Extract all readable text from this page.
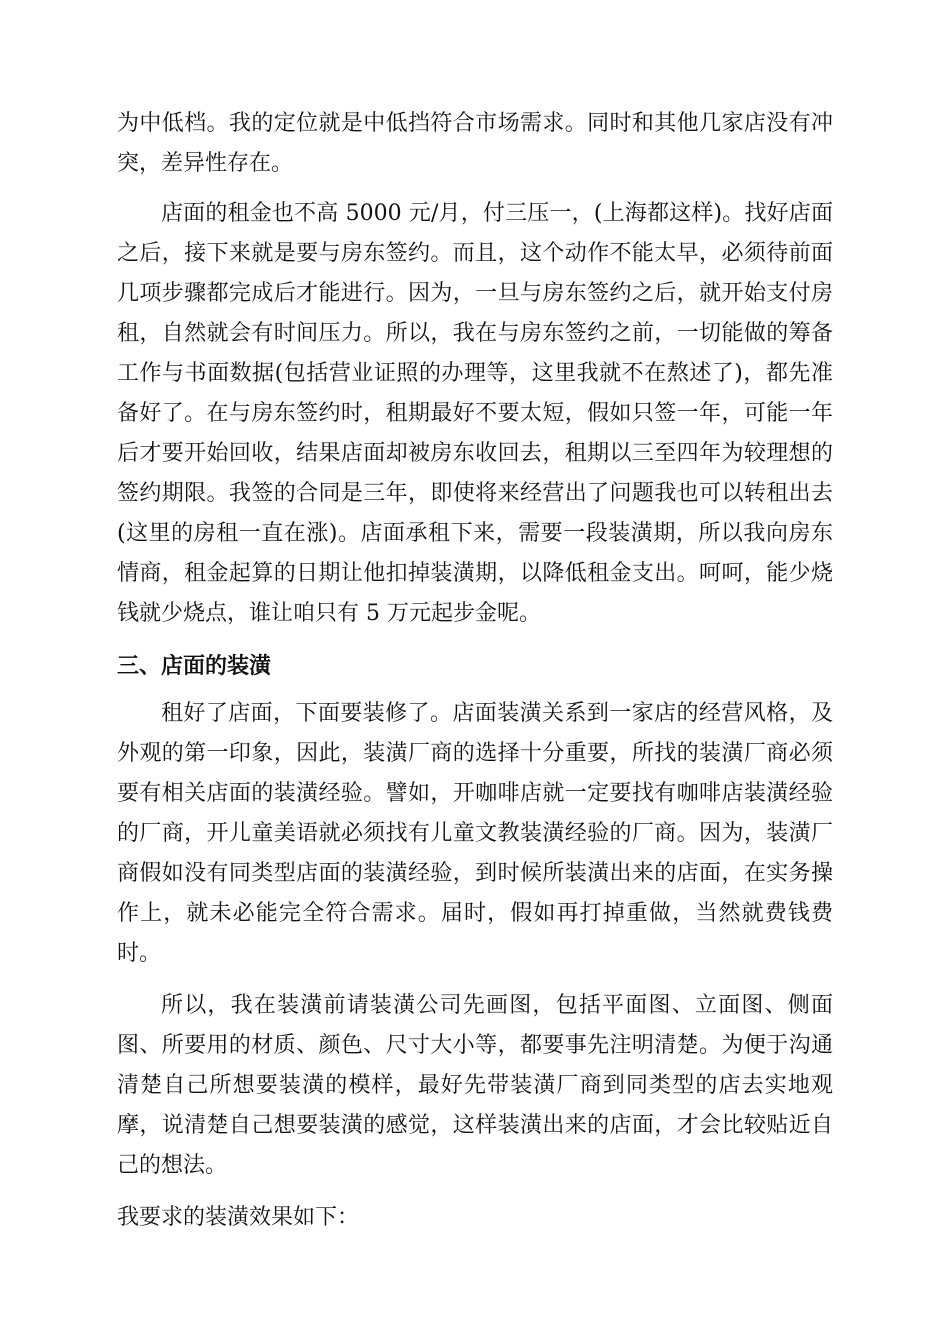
为中低档。我的定位就是中低挡符合市场需求。同时和其他几家店没有冲突，差异性存在。

店面的租金也不高 5000 元/月，付三压一，(上海都这样)。找好店面之后，接下来就是要与房东签约。而且，这个动作不能太早，必须待前面几项步骤都完成后才能进行。因为，一旦与房东签约之后，就开始支付房租，自然就会有时间压力。所以，我在与房东签约之前，一切能做的筹备工作与书面数据(包括营业证照的办理等，这里我就不在熬述了)，都先准备好了。在与房东签约时，租期最好不要太短，假如只签一年，可能一年后才要开始回收，结果店面却被房东收回去，租期以三至四年为较理想的签约期限。我签的合同是三年，即使将来经营出了问题我也可以转租出去(这里的房租一直在涨)。店面承租下来，需要一段装潢期，所以我向房东情商，租金起算的日期让他扣掉装潢期，以降低租金支出。呵呵，能少烧钱就少烧点，谁让咱只有 5 万元起步金呢。

三、店面的装潢

租好了店面，下面要装修了。店面装潢关系到一家店的经营风格，及外观的第一印象，因此，装潢厂商的选择十分重要，所找的装潢厂商必须要有相关店面的装潢经验。譬如，开咖啡店就一定要找有咖啡店装潢经验的厂商，开儿童美语就必须找有儿童文教装潢经验的厂商。因为，装潢厂商假如没有同类型店面的装潢经验，到时候所装潢出来的店面，在实务操作上，就未必能完全符合需求。届时，假如再打掉重做，当然就费钱费时。

所以，我在装潢前请装潢公司先画图，包括平面图、立面图、侧面图、所要用的材质、颜色、尺寸大小等，都要事先注明清楚。为便于沟通清楚自己所想要装潢的模样，最好先带装潢厂商到同类型的店去实地观摩，说清楚自己想要装潢的感觉，这样装潢出来的店面，才会比较贴近自己的想法。

我要求的装潢效果如下：
